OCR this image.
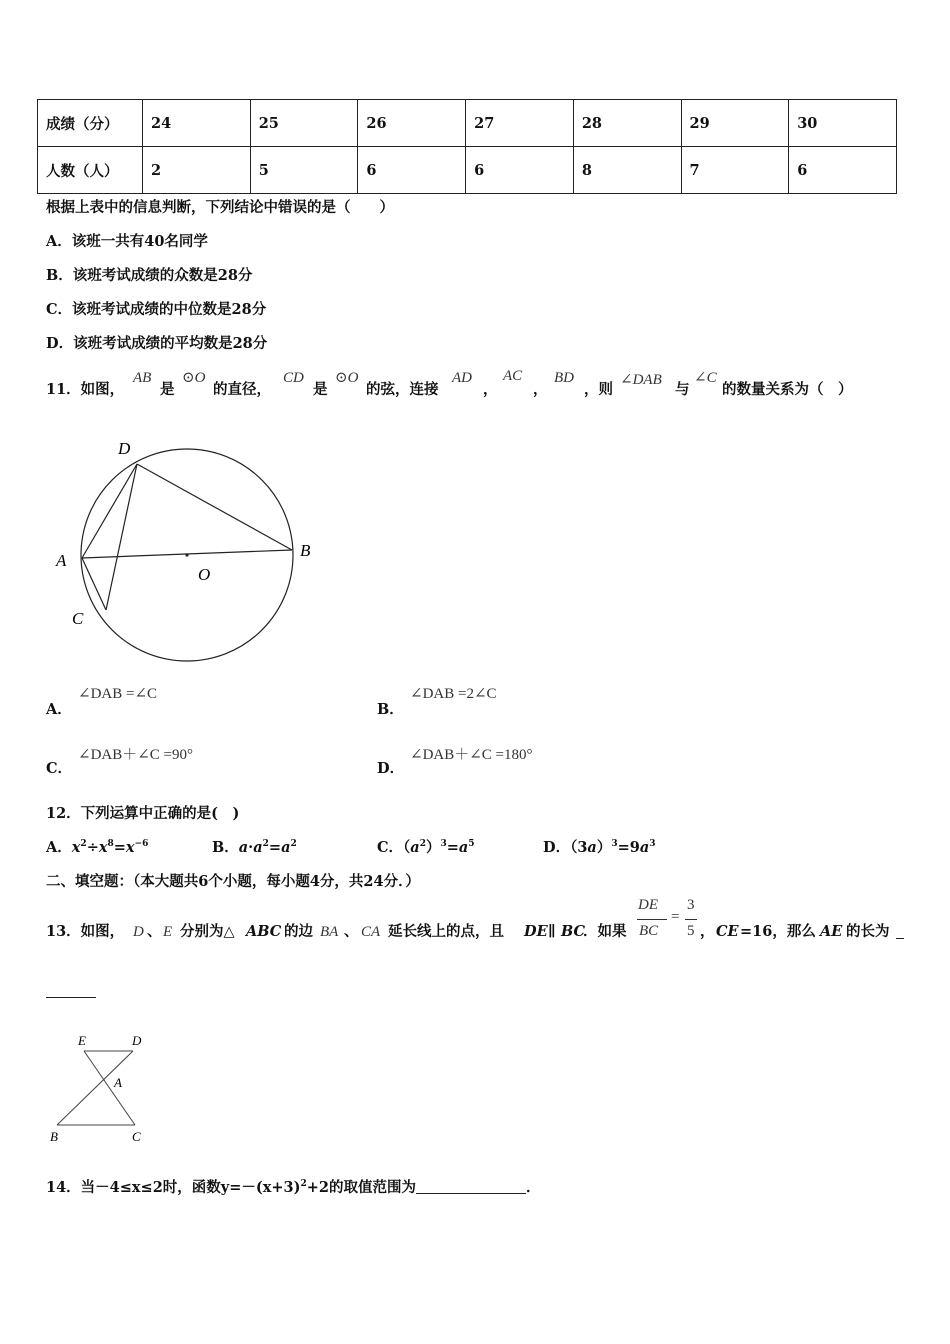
成绩（分）	24	25	26	27	28	29	30
人数（人）	2	5	6	6	8	7	6
根据上表中的信息判断，下列结论中错误的是（　　）
A．该班一共有40名同学
B．该班考试成绩的众数是28分
C．该班考试成绩的中位数是28分
D．该班考试成绩的平均数是28分
11．如图，
AB
是
⊙O
的直径，
CD
是
⊙O
的弦，连接
AD
，
AC
，
BD
，则
∠DAB
与
∠C
的数量关系为（　）
D
A
B
O
C
A．
∠DAB =∠C
B．
∠DAB =2∠C
C．
∠DAB＋∠C =90°
D．
∠DAB＋∠C =180°
12．下列运算中正确的是(　)
A．$x^2\div x^8=x^{-6}$	B．$a\cdot a^2=a^2$	C．$(a^2)^3=a^5$	D．$(3a)^3=9a^3$
二、填空题：（本大题共6个小题，每小题4分，共24分．）
13．如图， D 、 E 分别为△ ABC 的边 BA 、 CA 延长线上的点，且 DE ∥ BC
．如果
DE
BC
=
3
5 ， CE =16，那么 AE 的长为
E	D
A
B	C
14．当－4≤x≤2时，函数$y=-(x+3)^2+2$的取值范围为	．
